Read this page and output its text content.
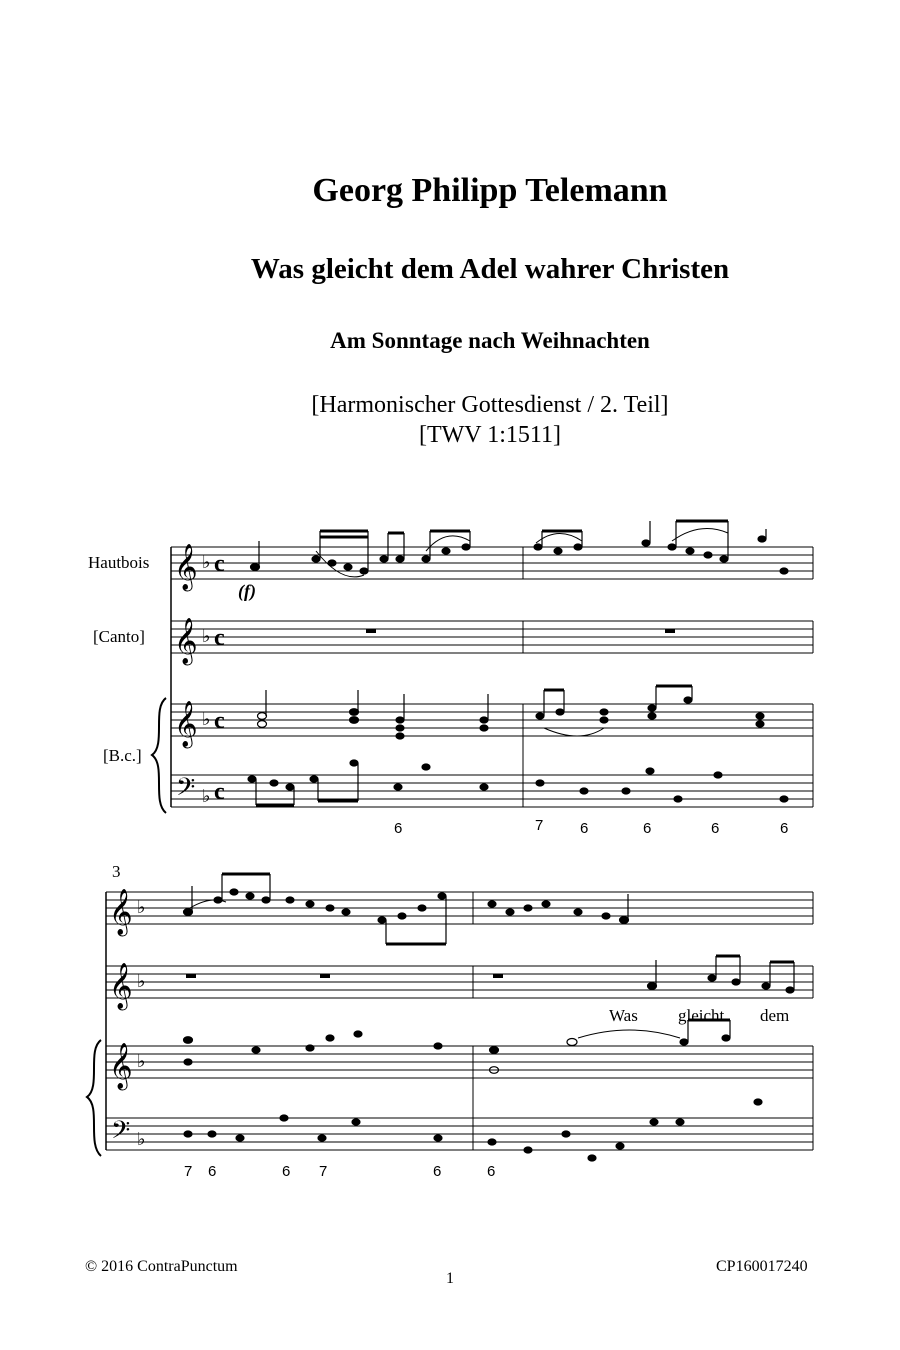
Georg Philipp Telemann
Was gleicht dem Adel wahrer Christen
Am Sonntage nach Weihnachten
[Harmonischer Gottesdienst / 2. Teil]
[TWV 1:1511]
Hautbois
[Canto]
[B.c.]
𝄞
𝄞
𝄞
𝄢
𝄞
𝄞
𝄞
𝄢
♭
♭
♭
♭
♭
♭
♭
♭
c
c
c
c
(f)
3
6	7 6	6	6	6
7 6	6 7	6	6
Was gleicht dem
© 2016 ContraPunctum
1
CP160017240
